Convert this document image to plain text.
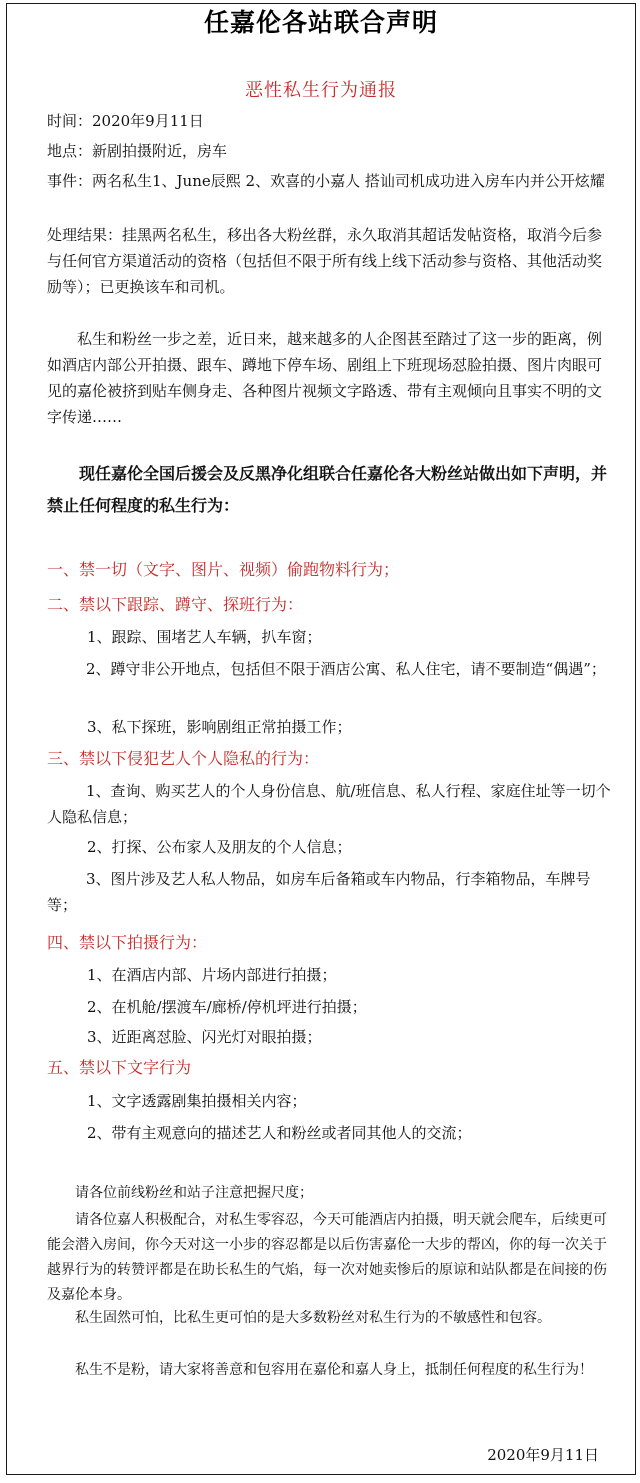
任嘉伦各站联合声明
恶性私生行为通报
时间：2020年9月11日
地点：新剧拍摄附近，房车
事件：两名私生1、June辰熙 2、欢喜的小嘉人 搭讪司机成功进入房车内并公开炫耀
处理结果：挂黑两名私生，移出各大粉丝群，永久取消其超话发帖资格，取消今后参与任何官方渠道活动的资格（包括但不限于所有线上线下活动参与资格、其他活动奖励等）；已更换该车和司机。
私生和粉丝一步之差，近日来，越来越多的人企图甚至踏过了这一步的距离，例如酒店内部公开拍摄、跟车、蹲地下停车场、剧组上下班现场怼脸拍摄、图片肉眼可见的嘉伦被挤到贴车侧身走、各种图片视频文字路透、带有主观倾向且事实不明的文字传递……
现任嘉伦全国后援会及反黑净化组联合任嘉伦各大粉丝站做出如下声明，并禁止任何程度的私生行为：
一、禁一切（文字、图片、视频）偷跑物料行为；
二、禁以下跟踪、蹲守、探班行为：
1、跟踪、围堵艺人车辆，扒车窗；
2、蹲守非公开地点，包括但不限于酒店公寓、私人住宅，请不要制造“偶遇”；
3、私下探班，影响剧组正常拍摄工作；
三、禁以下侵犯艺人个人隐私的行为：
1、查询、购买艺人的个人身份信息、航/班信息、私人行程、家庭住址等一切个人隐私信息；
2、打探、公布家人及朋友的个人信息；
3、图片涉及艺人私人物品，如房车后备箱或车内物品，行李箱物品，车牌号等；
四、禁以下拍摄行为：
1、在酒店内部、片场内部进行拍摄；
2、在机舱/摆渡车/廊桥/停机坪进行拍摄；
3、近距离怼脸、闪光灯对眼拍摄；
五、禁以下文字行为
1、文字透露剧集拍摄相关内容；
2、带有主观意向的描述艺人和粉丝或者同其他人的交流；
请各位前线粉丝和站子注意把握尺度；
请各位嘉人积极配合，对私生零容忍，今天可能酒店内拍摄，明天就会爬车，后续更可能会潜入房间，你今天对这一小步的容忍都是以后伤害嘉伦一大步的帮凶，你的每一次关于越界行为的转赞评都是在助长私生的气焰，每一次对她卖惨后的原谅和站队都是在间接的伤及嘉伦本身。
私生固然可怕，比私生更可怕的是大多数粉丝对私生行为的不敏感性和包容。
私生不是粉，请大家将善意和包容用在嘉伦和嘉人身上，抵制任何程度的私生行为！
2020年9月11日
